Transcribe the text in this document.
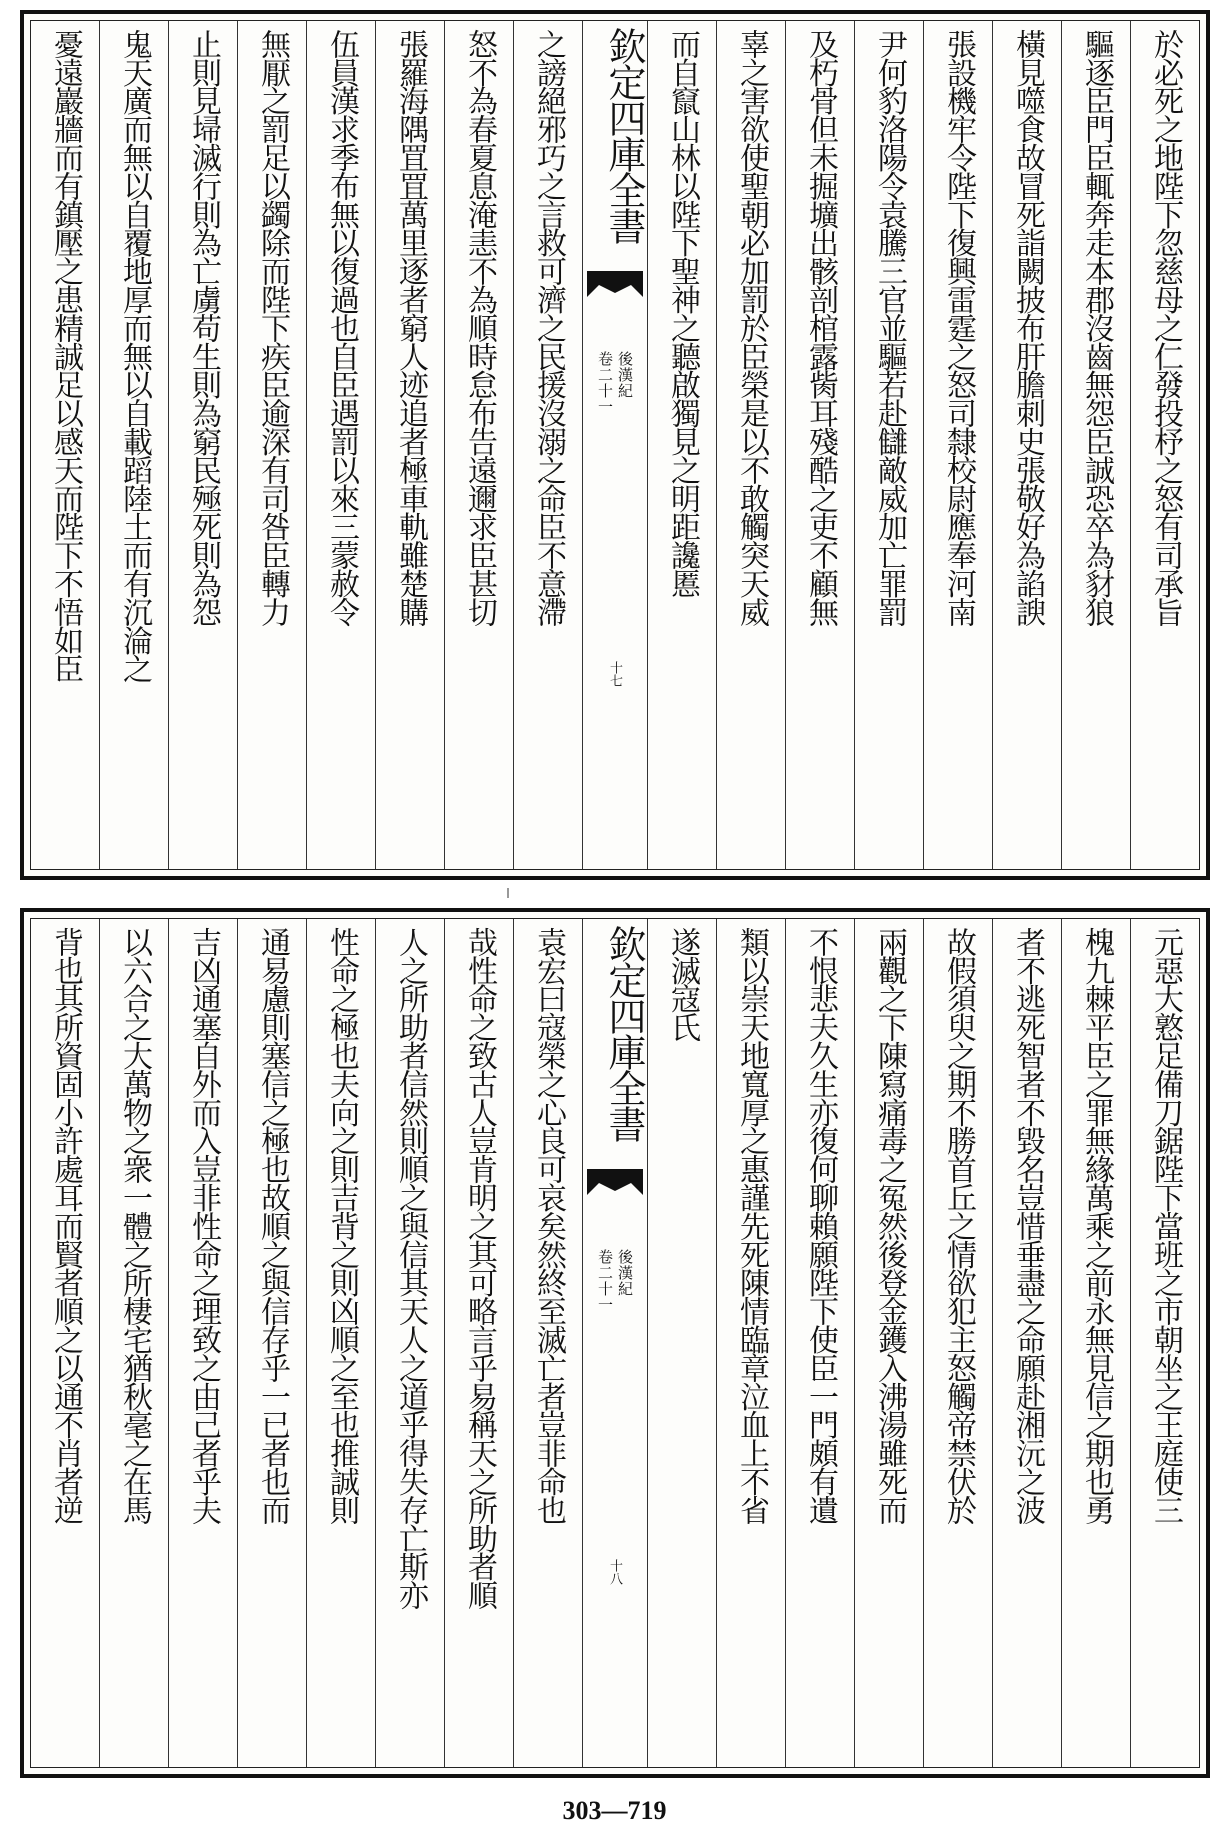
於必死之地陛下忽慈母之仁發投杼之怒有司承旨
驅逐臣門臣輒奔走本郡沒齒無怨臣誠恐卒為豺狼
橫見噬食故冒死詣闕披布肝膽刺史張敬好為諂諛
張設機牢令陛下復興雷霆之怒司隸校尉應奉河南
尹何豹洛陽令袁騰三官並驅若赴讎敵威加亡罪罰
及朽骨但未掘壙出骸剖棺露胔耳殘酷之吏不顧無
辜之害欲使聖朝必加罰於臣榮是以不敢觸突天威
而自竄山林以陛下聖神之聽啟獨見之明距讒慝
欽定四庫全書
後漢紀
卷二十一
十七
之謗絕邪巧之言救可濟之民援沒溺之命臣不意滯
怒不為春夏息淹恚不為順時怠布告遠邇求臣甚切
張羅海隅罝罝萬里逐者窮人迹追者極車軌雖楚購
伍員漢求季布無以復過也自臣遇罰以來三蒙赦令
無厭之罰足以蠲除而陛下疾臣逾深有司咎臣轉力
止則見埽滅行則為亡虜苟生則為窮民殛死則為怨
鬼天廣而無以自覆地厚而無以自載蹈陸土而有沉淪之
憂遠巖牆而有鎮壓之患精誠足以感天而陛下不悟如臣
元惡大憝足備刀鋸陛下當班之市朝坐之王庭使三
槐九棘平臣之罪無緣萬乘之前永無見信之期也勇
者不逃死智者不毀名豈惜垂盡之命願赴湘沅之波
故假須臾之期不勝首丘之情欲犯主怒觸帝禁伏於
兩觀之下陳寫痛毒之冤然後登金鑊入沸湯雖死而
不恨悲夫久生亦復何聊賴願陛下使臣一門頗有遺
類以崇天地寬厚之惠謹先死陳情臨章泣血上不省
遂滅寇氏
欽定四庫全書
後漢紀
卷二十一
十八
袁宏曰寇榮之心良可哀矣然終至滅亡者豈非命也
哉性命之致古人豈肯明之其可略言乎易稱天之所助者順
人之所助者信然則順之與信其天人之道乎得失存亡斯亦
性命之極也夫向之則吉背之則凶順之至也推誠則
通易慮則塞信之極也故順之與信存乎一已者也而
吉凶通塞自外而入豈非性命之理致之由己者乎夫
以六合之大萬物之衆一體之所棲宅猶秋毫之在馬
背也其所資固小許處耳而賢者順之以通不肖者逆
303—719
